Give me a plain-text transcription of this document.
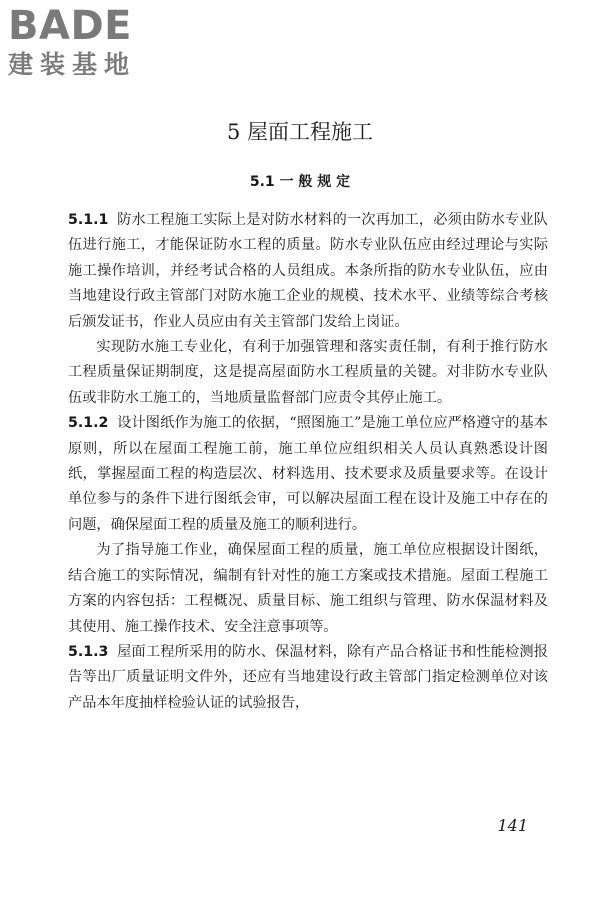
BADE
建装基地
5 屋面工程施工
5.1 一 般 规 定

5.1.1 防水工程施工实际上是对防水材料的一次再加工，必须由防水专业队伍进行施工，才能保证防水工程的质量。防水专业队伍应由经过理论与实际施工操作培训，并经考试合格的人员组成。本条所指的防水专业队伍，应由当地建设行政主管部门对防水施工企业的规模、技术水平、业绩等综合考核后颁发证书，作业人员应由有关主管部门发给上岗证。

实现防水施工专业化，有利于加强管理和落实责任制，有利于推行防水工程质量保证期制度，这是提高屋面防水工程质量的关键。对非防水专业队伍或非防水工施工的，当地质量监督部门应责令其停止施工。

5.1.2 设计图纸作为施工的依据，“照图施工”是施工单位应严格遵守的基本原则，所以在屋面工程施工前，施工单位应组织相关人员认真熟悉设计图纸，掌握屋面工程的构造层次、材料选用、技术要求及质量要求等。在设计单位参与的条件下进行图纸会审，可以解决屋面工程在设计及施工中存在的问题，确保屋面工程的质量及施工的顺利进行。

为了指导施工作业，确保屋面工程的质量，施工单位应根据设计图纸，结合施工的实际情况，编制有针对性的施工方案或技术措施。屋面工程施工方案的内容包括：工程概况、质量目标、施工组织与管理、防水保温材料及其使用、施工操作技术、安全注意事项等。

5.1.3 屋面工程所采用的防水、保温材料，除有产品合格证书和性能检测报告等出厂质量证明文件外，还应有当地建设行政主管部门指定检测单位对该产品本年度抽样检验认证的试验报告，

141
